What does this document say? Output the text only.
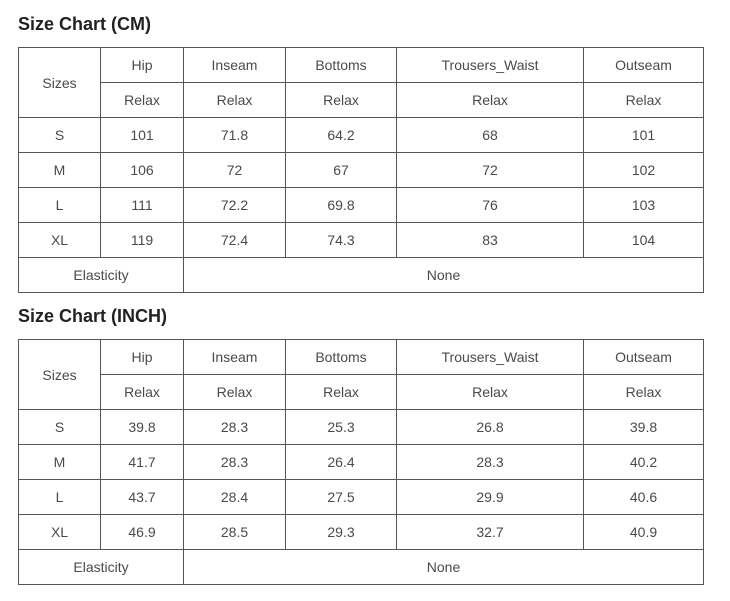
Size Chart (CM)
Sizes	Hip	Inseam	Bottoms	Trousers_Waist	Outseam
	Relax	Relax	Relax	Relax	Relax
S	101	71.8	64.2	68	101
M	106	72	67	72	102
L	111	72.2	69.8	76	103
XL	119	72.4	74.3	83	104
Elasticity		None			
Size Chart (INCH)
Sizes	Hip	Inseam	Bottoms	Trousers_Waist	Outseam
	Relax	Relax	Relax	Relax	Relax
S	39.8	28.3	25.3	26.8	39.8
M	41.7	28.3	26.4	28.3	40.2
L	43.7	28.4	27.5	29.9	40.6
XL	46.9	28.5	29.3	32.7	40.9
Elasticity		None			
